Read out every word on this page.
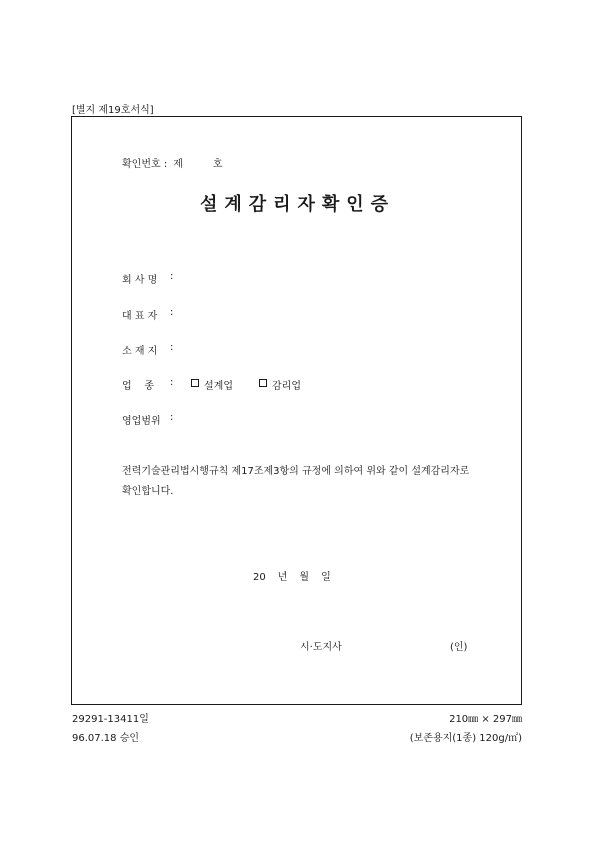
[별지 제19호서식]
확인번호 : 제	호
설계감리자확인증
회 사 명 :
대 표 자 :
소 재 지 :
업    종 :	설계업	감리업
영업범위 :
전력기술관리법시행규칙 제17조제3항의 규정에 의하여 위와 같이 설계감리자로 확인합니다.
20 년 월 일
시·도지사	(인)
29291-13411일
96.07.18 승인
210㎜ × 297㎜
(보존용지(1종) 120g/㎡)
